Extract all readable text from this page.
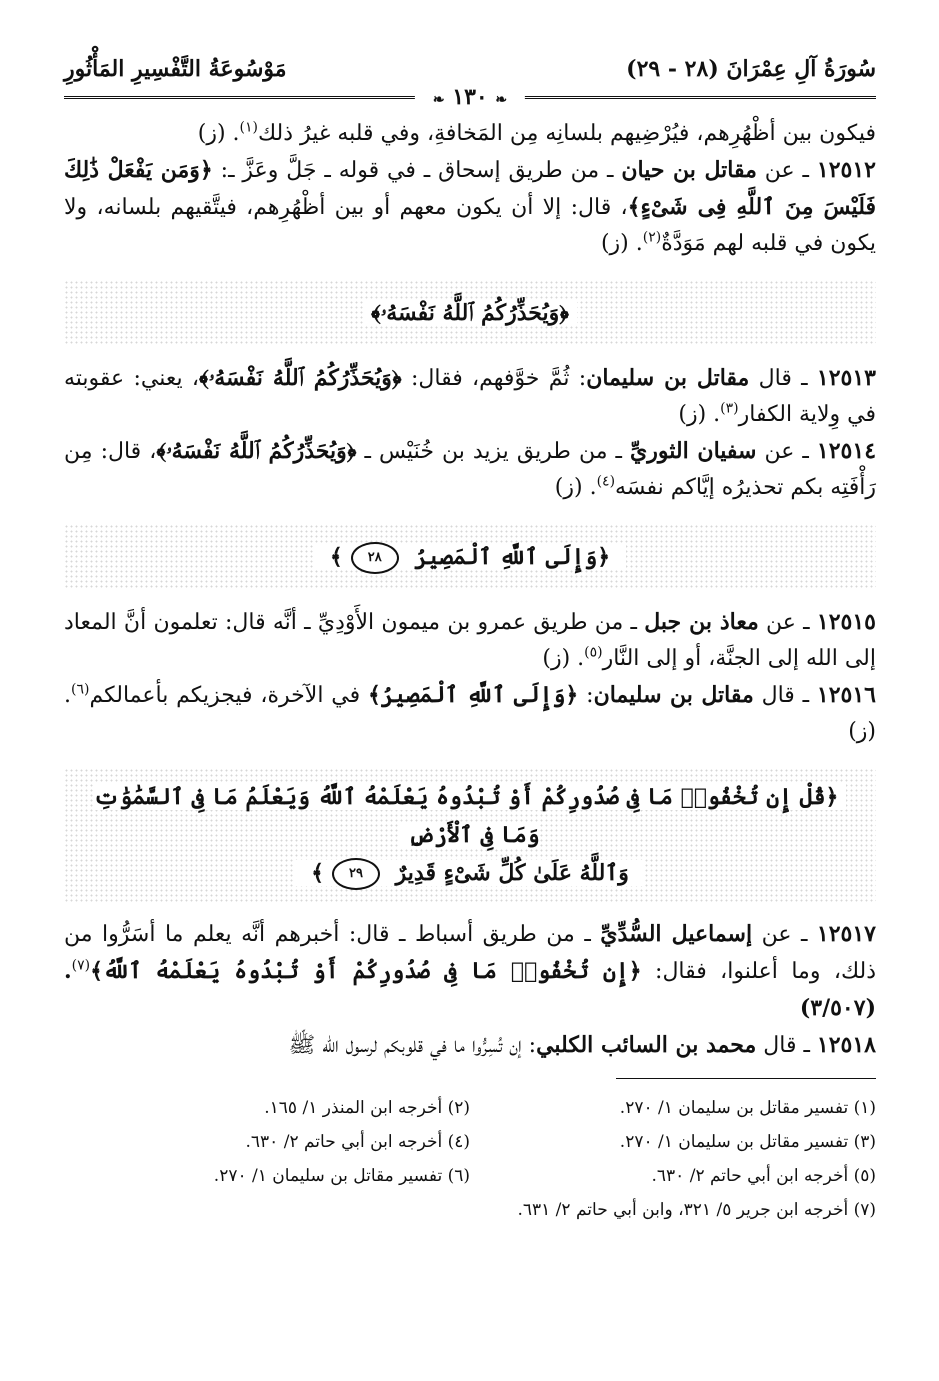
سُورَةُ آلِ عِمْرَانَ (٢٨ - ٢٩)
مَوْسُوعَةُ التَّفْسِيرِ المَأْثُورِ
❧ ١٣٠ ❧

فيكون بين أظْهُرِهم، فيُرْضِيهم بلسانِه مِن المَخافةِ، وفي قلبه غيرُ ذلك$^{(١)}$. (ز)

١٢٥١٢ ـ عن مقاتل بن حيان ـ من طريق إسحاق ـ في قوله ـ جَلَّ وعَزَّ ـ: ﴿وَمَن يَفْعَلْ ذَٰلِكَ فَلَيْسَ مِنَ ٱللَّهِ فِى شَىْءٍ﴾، قال: إلا أن يكون معهم أو بين أظْهُرِهم، فيتَّقيهم بلسانه، ولا يكون في قلبه لهم مَوَدَّةٌ$^{(٢)}$. (ز)

﴿وَيُحَذِّرُكُمُ ٱللَّهُ نَفْسَهُۥ﴾

١٢٥١٣ ـ قال مقاتل بن سليمان: ثُمَّ خوَّفهم، فقال: ﴿وَيُحَذِّرُكُمُ ٱللَّهُ نَفْسَهُۥ﴾، يعني: عقوبته في وِلاية الكفار$^{(٣)}$. (ز)

١٢٥١٤ ـ عن سفيان الثوريِّ ـ من طريق يزيد بن خُنَيْس ـ ﴿وَيُحَذِّرُكُمُ ٱللَّهُ نَفْسَهُۥ﴾، قال: مِن رَأْفَتِه بكم تحذيرُه إيَّاكم نفسَه$^{(٤)}$. (ز)

﴿وَإِلَى ٱللَّهِ ٱلْمَصِيرُ ٢٨﴾

١٢٥١٥ ـ عن معاذ بن جبل ـ من طريق عمرو بن ميمون الأَوْدِيِّ ـ أنَّه قال: تعلمون أنَّ المعاد إلى الله إلى الجنَّة، أو إلى النَّار$^{(٥)}$. (ز)

١٢٥١٦ ـ قال مقاتل بن سليمان: ﴿وَإِلَى ٱللَّهِ ٱلْمَصِيرُ﴾ في الآخرة، فيجزيكم بأعمالكم$^{(٦)}$. (ز)

﴿قُلْ إِن تُخْفُوا۟ مَا فِى صُدُورِكُمْ أَوْ تُبْدُوهُ يَعْلَمْهُ ٱللَّهُ وَيَعْلَمُ مَا فِى ٱلسَّمَٰوَٰتِ وَمَا فِى ٱلْأَرْضِ
وَٱللَّهُ عَلَىٰ كُلِّ شَىْءٍ قَدِيرٌ ٢٩﴾

١٢٥١٧ ـ عن إسماعيل السُّدِّيِّ ـ من طريق أسباط ـ قال: أخبرهم أنَّه يعلم ما أسَرُّوا من ذلك، وما أعلنوا، فقال: ﴿إِن تُخْفُوا۟ مَا فِى صُدُورِكُمْ أَوْ تُبْدُوهُ يَعْلَمْهُ ٱللَّهُ﴾$^{(٧)}$. (٣/٥٠٧)

١٢٥١٨ ـ قال محمد بن السائب الكلبي: إن تُسِرُّوا ما في قلوبكم لرسول الله ﷺ

(١) تفسير مقاتل بن سليمان ١/ ٢٧٠.
(٢) أخرجه ابن المنذر ١/ ١٦٥.
(٣) تفسير مقاتل بن سليمان ١/ ٢٧٠.
(٤) أخرجه ابن أبي حاتم ٢/ ٦٣٠.
(٥) أخرجه ابن أبي حاتم ٢/ ٦٣٠.
(٦) تفسير مقاتل بن سليمان ١/ ٢٧٠.
(٧) أخرجه ابن جرير ٥/ ٣٢١، وابن أبي حاتم ٢/ ٦٣١.
